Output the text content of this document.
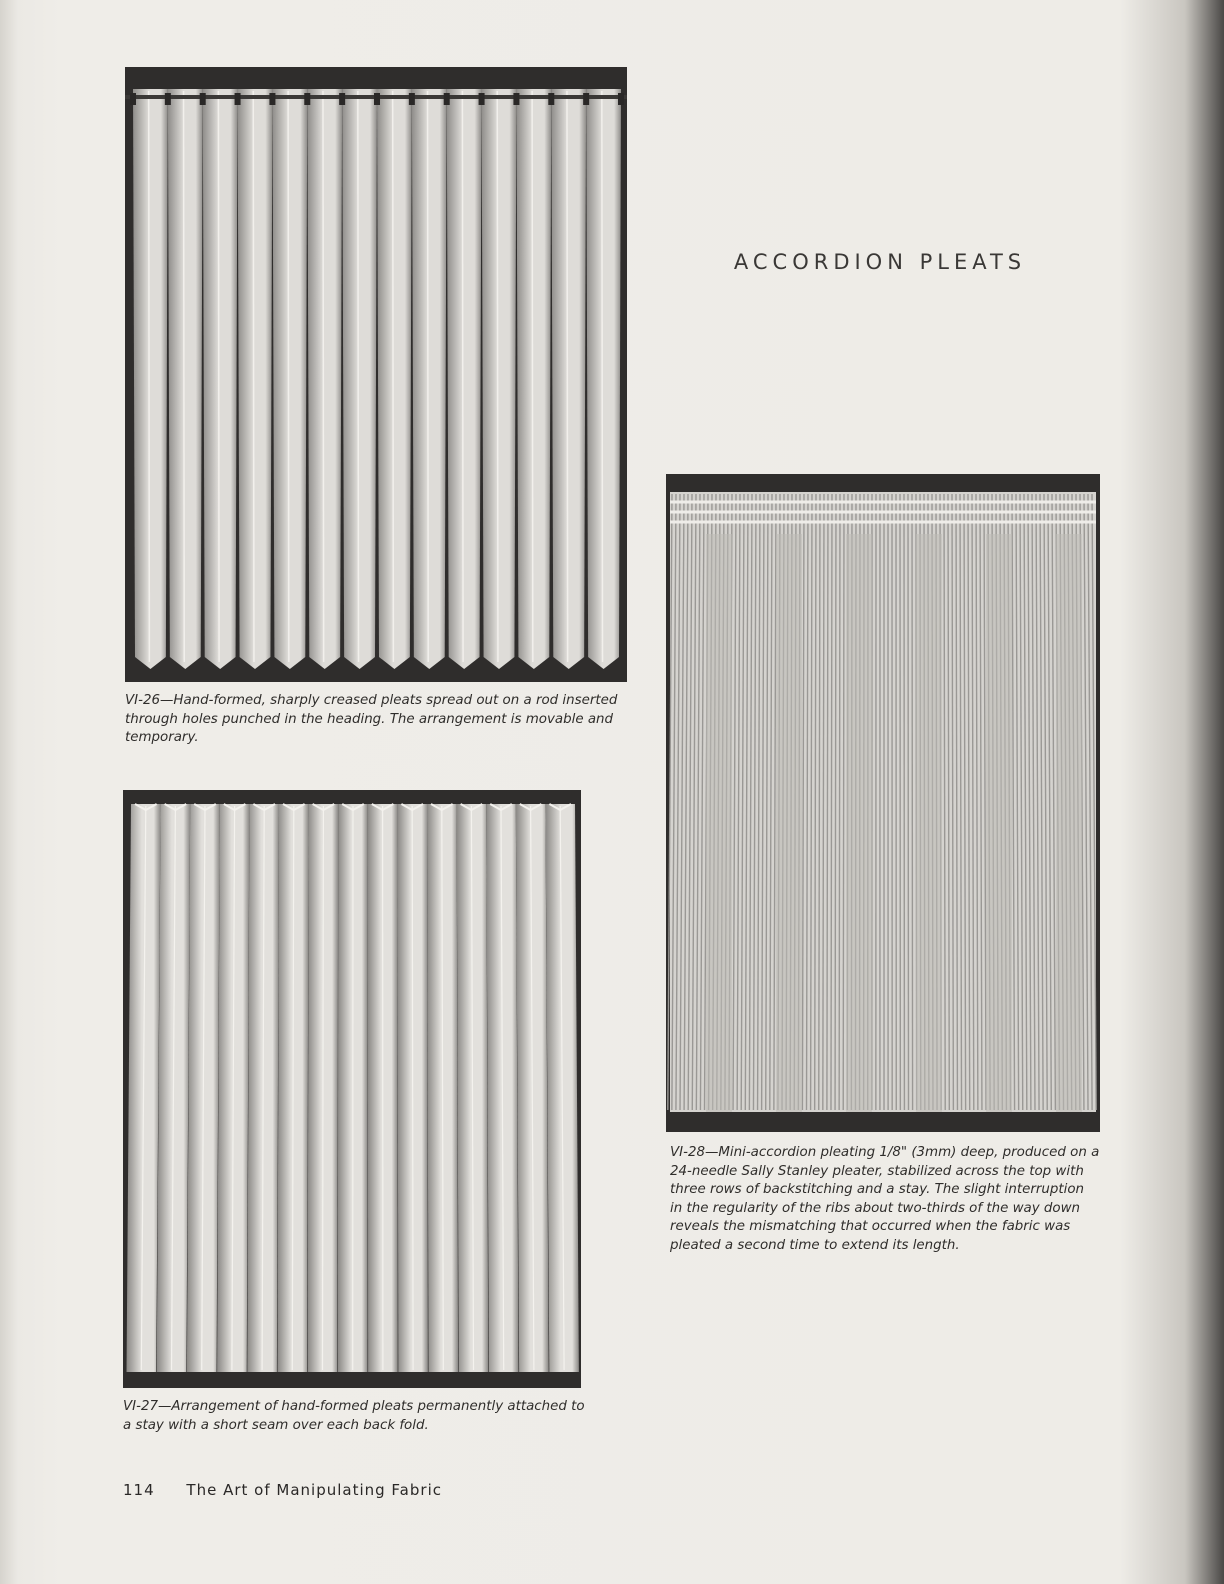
VI-26—Hand-formed, sharply creased pleats spread out on a rod inserted through holes punched in the heading. The arrangement is movable and temporary.

VI-27—Arrangement of hand-formed pleats permanently attached to a stay with a short seam over each back fold.

ACCORDION PLEATS

VI-28—Mini-accordion pleating 1/8" (3mm) deep, produced on a 24-needle Sally Stanley pleater, stabilized across the top with three rows of backstitching and a stay. The slight interruption in the regularity of the ribs about two-thirds of the way down reveals the mismatching that occurred when the fabric was pleated a second time to extend its length.

114 The Art of Manipulating Fabric
